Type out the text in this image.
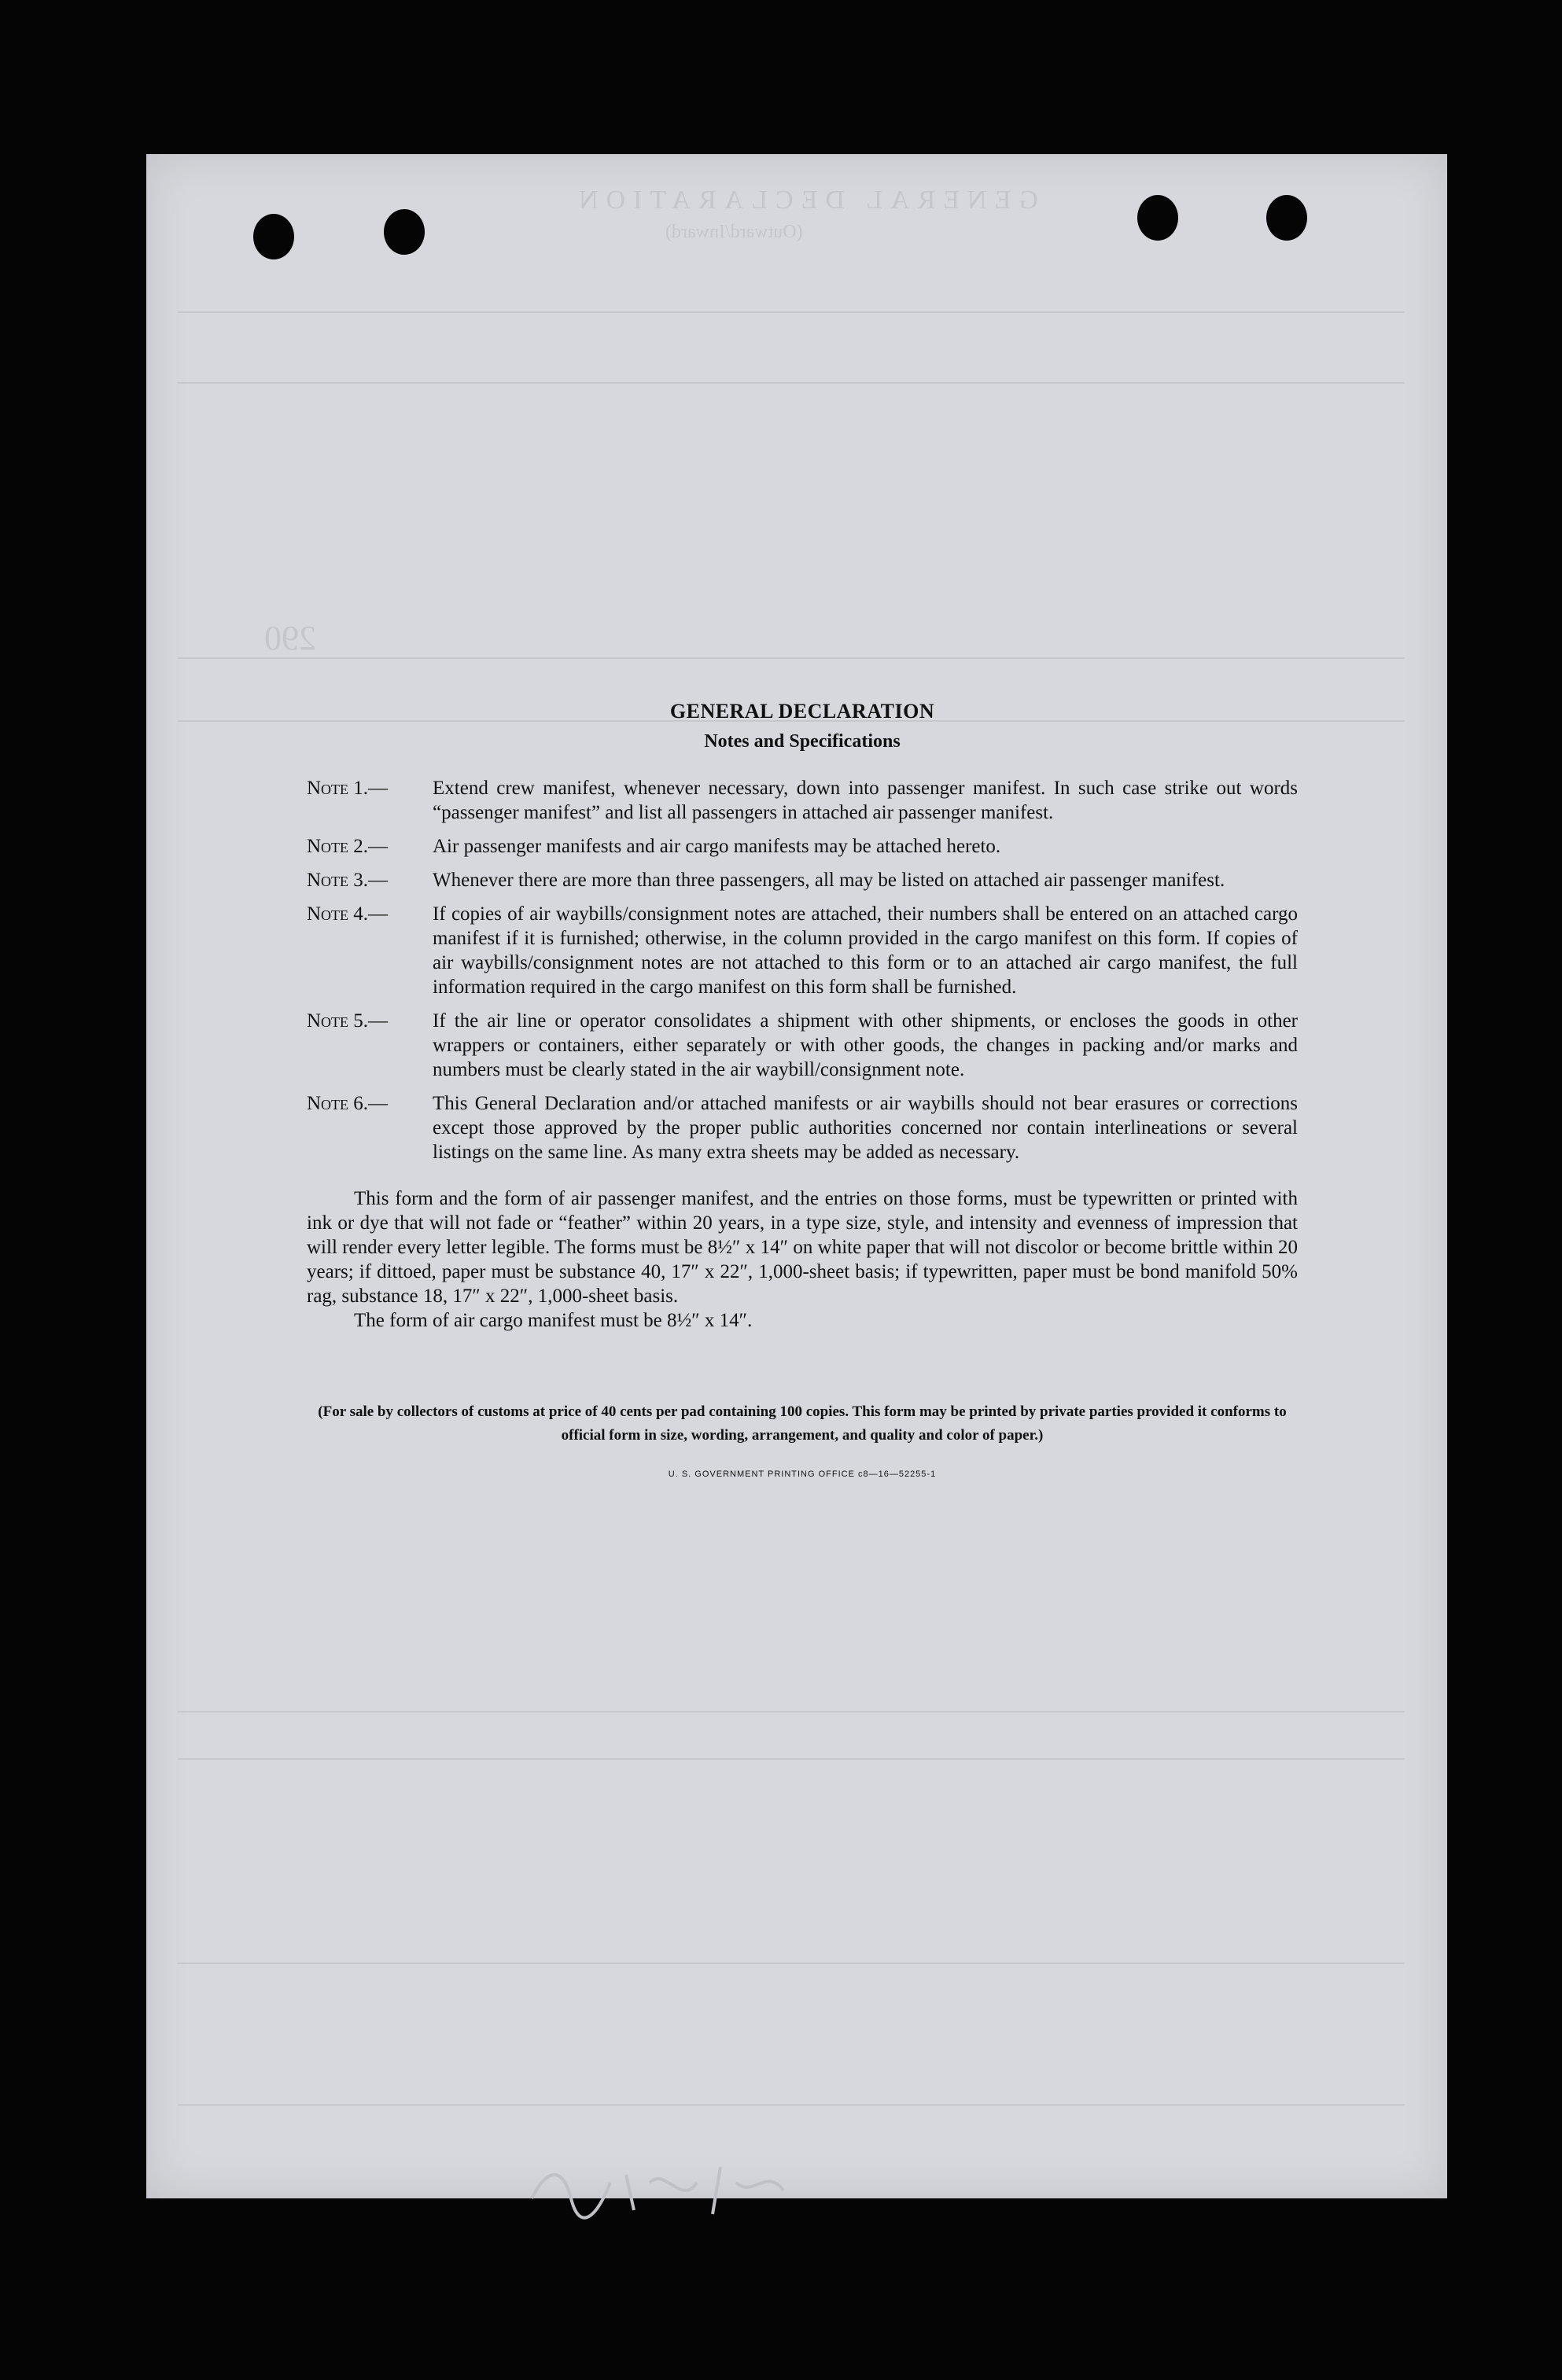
GENERAL DECLARATION
(Outward/Inward)
290
GENERAL DECLARATION
Notes and Specifications
Note 1.—	Extend crew manifest, whenever necessary, down into passenger manifest. In such case strike out words “passenger manifest” and list all passengers in attached air passenger manifest.
Note 2.—	Air passenger manifests and air cargo manifests may be attached hereto.
Note 3.—	Whenever there are more than three passengers, all may be listed on attached air passenger manifest.
Note 4.—	If copies of air waybills/consignment notes are attached, their numbers shall be entered on an attached cargo manifest if it is furnished; otherwise, in the column provided in the cargo manifest on this form. If copies of air waybills/consignment notes are not attached to this form or to an attached air cargo manifest, the full information required in the cargo manifest on this form shall be furnished.
Note 5.—	If the air line or operator consolidates a shipment with other shipments, or encloses the goods in other wrappers or containers, either separately or with other goods, the changes in packing and/or marks and numbers must be clearly stated in the air waybill/consignment note.
Note 6.—	This General Declaration and/or attached manifests or air waybills should not bear erasures or corrections except those approved by the proper public authorities concerned nor contain interlineations or several listings on the same line. As many extra sheets may be added as necessary.
This form and the form of air passenger manifest, and the entries on those forms, must be typewritten or printed with ink or dye that will not fade or “feather” within 20 years, in a type size, style, and intensity and evenness of impression that will render every letter legible. The forms must be 8½″ x 14″ on white paper that will not discolor or become brittle within 20 years; if dittoed, paper must be substance 40, 17″ x 22″, 1,000-sheet basis; if typewritten, paper must be bond manifold 50% rag, substance 18, 17″ x 22″, 1,000-sheet basis.
The form of air cargo manifest must be 8½″ x 14″.
(For sale by collectors of customs at price of 40 cents per pad containing 100 copies. This form may be printed by private parties provided it conforms to official form in size, wording, arrangement, and quality and color of paper.)
U. S. GOVERNMENT PRINTING OFFICE c8—16—52255-1
